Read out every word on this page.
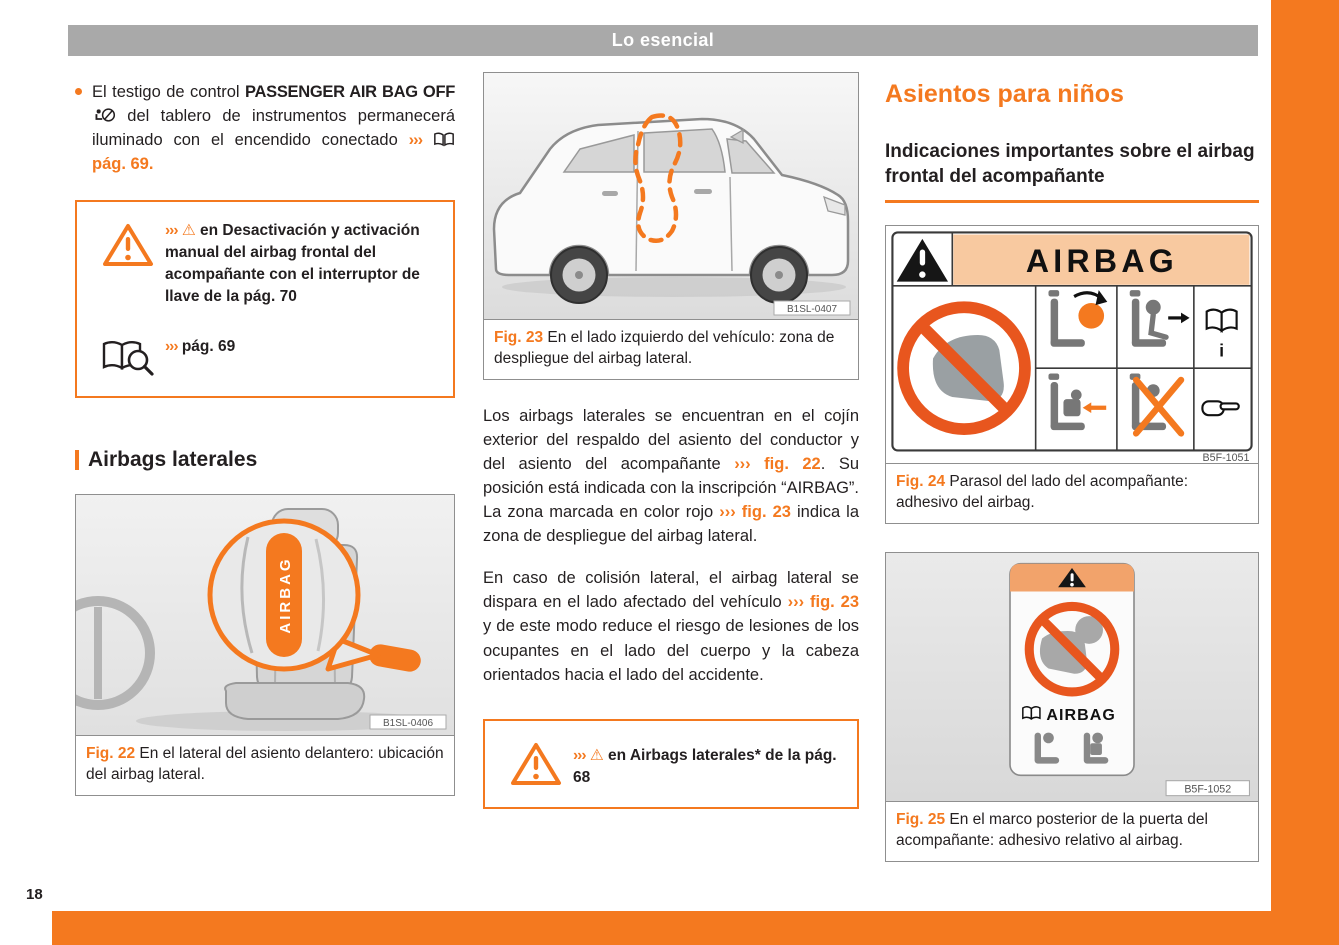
Lo esencial
18

El testigo de control PASSENGER AIR BAG OFF  del tablero de instrumentos permanecerá iluminado con el encendido conectado ›››  pág. 69.

››› ⚠ en Desactivación y activación manual del airbag frontal del acompañante con el interruptor de llave de la pág. 70

››› pág. 69

Airbags laterales
AIRBAG
B1SL-0406
Fig. 22 En el lateral del asiento delantero: ubicación del airbag lateral.
B1SL-0407
Fig. 23 En el lado izquierdo del vehículo: zona de despliegue del airbag lateral.

Los airbags laterales se encuentran en el cojín exterior del respaldo del asiento del conductor y del asiento del acompañante ››› fig. 22. Su posición está indicada con la inscripción “AIRBAG”. La zona marcada en color rojo ››› fig. 23 indica la zona de despliegue del airbag lateral.

En caso de colisión lateral, el airbag lateral se dispara en el lado afectado del vehículo ››› fig. 23 y de este modo reduce el riesgo de lesiones de los ocupantes en el lado del cuerpo y la cabeza orientados hacia el lado del accidente.

››› ⚠ en Airbags laterales* de la pág. 68

Asientos para niños
Indicaciones importantes sobre el airbag frontal del acompañante
AIRBAG
i
B5F-1051
Fig. 24 Parasol del lado del acompañante: adhesivo del airbag.
AIRBAG
B5F-1052
Fig. 25 En el marco posterior de la puerta del acompañante: adhesivo relativo al airbag.
